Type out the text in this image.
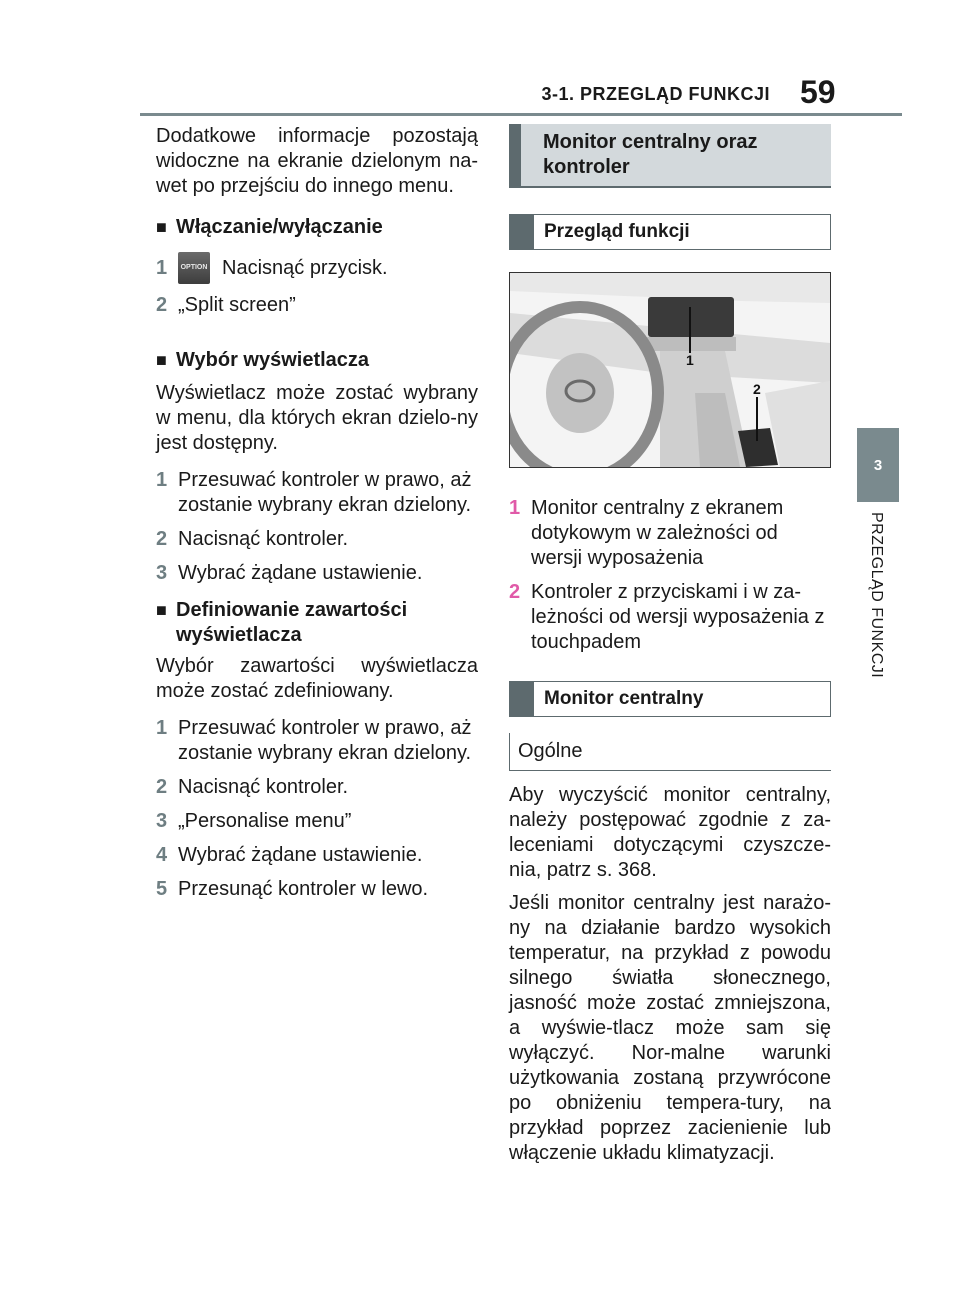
3-1. PRZEGLĄD FUNKCJI 59
3
PRZEGLĄD FUNKCJI

Dodatkowe informacje pozostają widoczne na ekranie dzielonym na-wet po przejściu do innego menu.

■ Włączanie/wyłączanie
1	OPTION Nacisnąć przycisk.
2 „Split screen”
■ Wybór wyświetlacza

Wyświetlacz może zostać wybrany w menu, dla których ekran dzielo-ny jest dostępny.

1 Przesuwać kontroler w prawo, aż zostanie wybrany ekran dzielony.
2 Nacisnąć kontroler.
3 Wybrać żądane ustawienie.
■ Definiowanie zawartości wyświetlacza

Wybór zawartości wyświetlacza może zostać zdefiniowany.

1 Przesuwać kontroler w prawo, aż zostanie wybrany ekran dzielony.
2 Nacisnąć kontroler.
3 „Personalise menu”
4 Wybrać żądane ustawienie.
5 Przesunąć kontroler w lewo.
Monitor centralny oraz kontroler
Przegląd funkcji
1
2
1 Monitor centralny z ekranem dotykowym w zależności od wersji wyposażenia
2 Kontroler z przyciskami i w za-leżności od wersji wyposażenia z touchpadem
Monitor centralny
Ogólne

Aby wyczyścić monitor centralny, należy postępować zgodnie z za-leceniami dotyczącymi czyszcze-nia, patrz s. 368.

Jeśli monitor centralny jest narażo-ny na działanie bardzo wysokich temperatur, na przykład z powodu silnego światła słonecznego, jasność może zostać zmniejszona, a wyświe-tlacz może sam się wyłączyć. Nor-malne warunki użytkowania zostaną przywrócone po obniżeniu tempera-tury, na przykład poprzez zacienienie lub włączenie układu klimatyzacji.
